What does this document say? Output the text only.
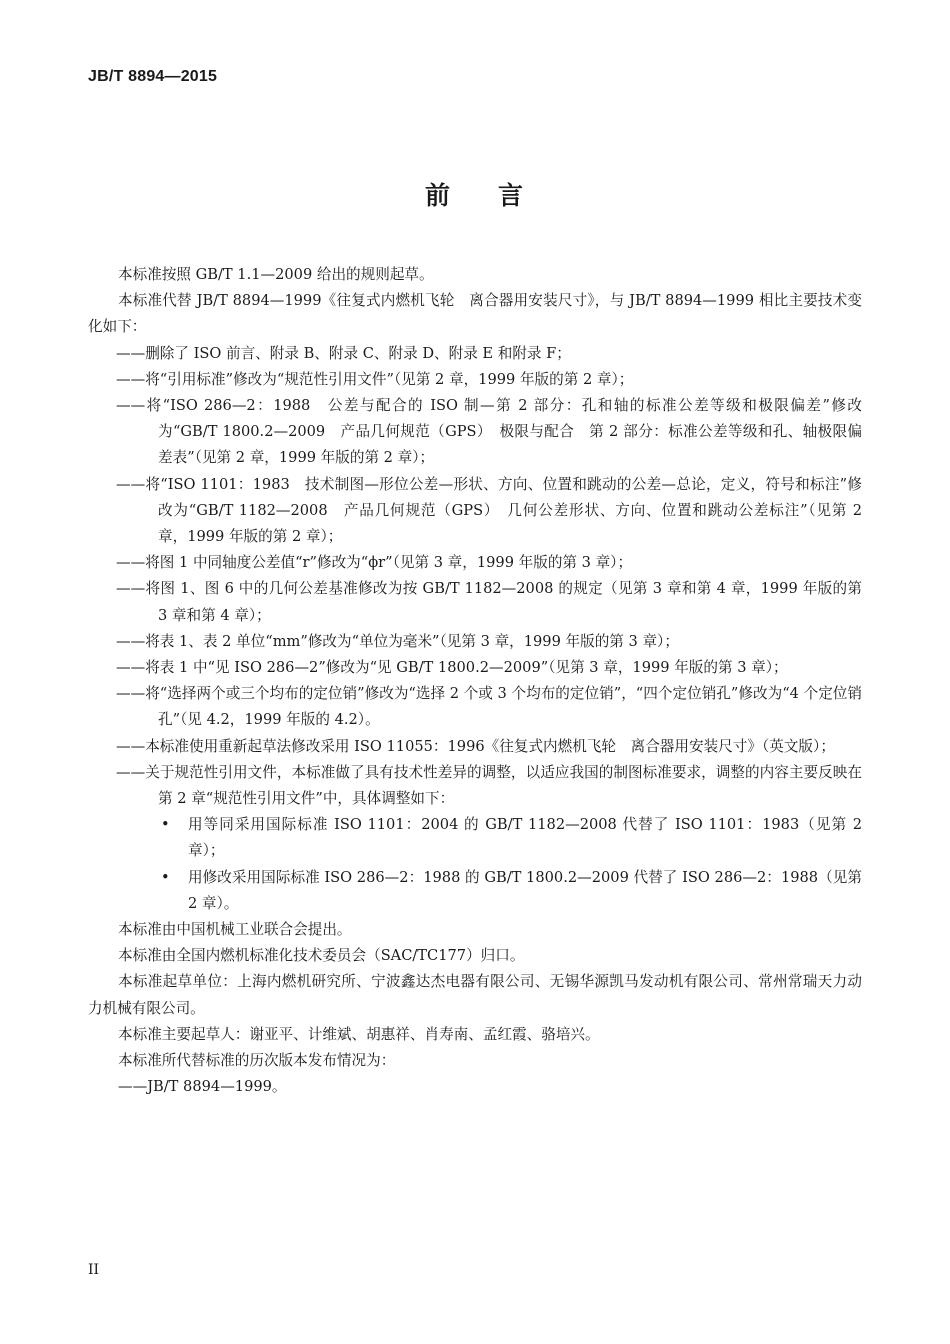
JB/T 8894—2015
前 言

本标准按照 GB/T 1.1—2009 给出的规则起草。

本标准代替 JB/T 8894—1999《往复式内燃机飞轮　离合器用安装尺寸》，与 JB/T 8894—1999 相比主要技术变化如下：

——删除了 ISO 前言、附录 B、附录 C、附录 D、附录 E 和附录 F；

——将“引用标准”修改为“规范性引用文件”（见第 2 章，1999 年版的第 2 章）；

——将“ISO 286—2：1988　公差与配合的 ISO 制—第 2 部分：孔和轴的标准公差等级和极限偏差”修改为“GB/T 1800.2—2009　产品几何规范（GPS）　极限与配合　第 2 部分：标准公差等级和孔、轴极限偏差表”（见第 2 章，1999 年版的第 2 章）；

——将“ISO 1101：1983　技术制图—形位公差—形状、方向、位置和跳动的公差—总论，定义，符号和标注”修改为“GB/T 1182—2008　产品几何规范（GPS）　几何公差形状、方向、位置和跳动公差标注”（见第 2 章，1999 年版的第 2 章）；

——将图 1 中同轴度公差值“r”修改为“ϕr”（见第 3 章，1999 年版的第 3 章）；

——将图 1、图 6 中的几何公差基准修改为按 GB/T 1182—2008 的规定（见第 3 章和第 4 章，1999 年版的第 3 章和第 4 章）；

——将表 1、表 2 单位“mm”修改为“单位为毫米”（见第 3 章，1999 年版的第 3 章）；

——将表 1 中“见 ISO 286—2”修改为“见 GB/T 1800.2—2009”（见第 3 章，1999 年版的第 3 章）；

——将“选择两个或三个均布的定位销”修改为“选择 2 个或 3 个均布的定位销”，“四个定位销孔”修改为“4 个定位销孔”（见 4.2，1999 年版的 4.2）。

——本标准使用重新起草法修改采用 ISO 11055：1996《往复式内燃机飞轮　离合器用安装尺寸》（英文版）；

——关于规范性引用文件，本标准做了具有技术性差异的调整，以适应我国的制图标准要求，调整的内容主要反映在第 2 章“规范性引用文件”中，具体调整如下：

• 用等同采用国际标准 ISO 1101：2004 的 GB/T 1182—2008 代替了 ISO 1101：1983（见第 2 章）；

• 用修改采用国际标准 ISO 286—2：1988 的 GB/T 1800.2—2009 代替了 ISO 286—2：1988（见第 2 章）。

本标准由中国机械工业联合会提出。

本标准由全国内燃机标准化技术委员会（SAC/TC177）归口。

本标准起草单位：上海内燃机研究所、宁波鑫达杰电器有限公司、无锡华源凯马发动机有限公司、常州常瑞天力动力机械有限公司。

本标准主要起草人：谢亚平、计维斌、胡惠祥、肖寿南、孟红霞、骆培兴。

本标准所代替标准的历次版本发布情况为：

——JB/T 8894—1999。

II
